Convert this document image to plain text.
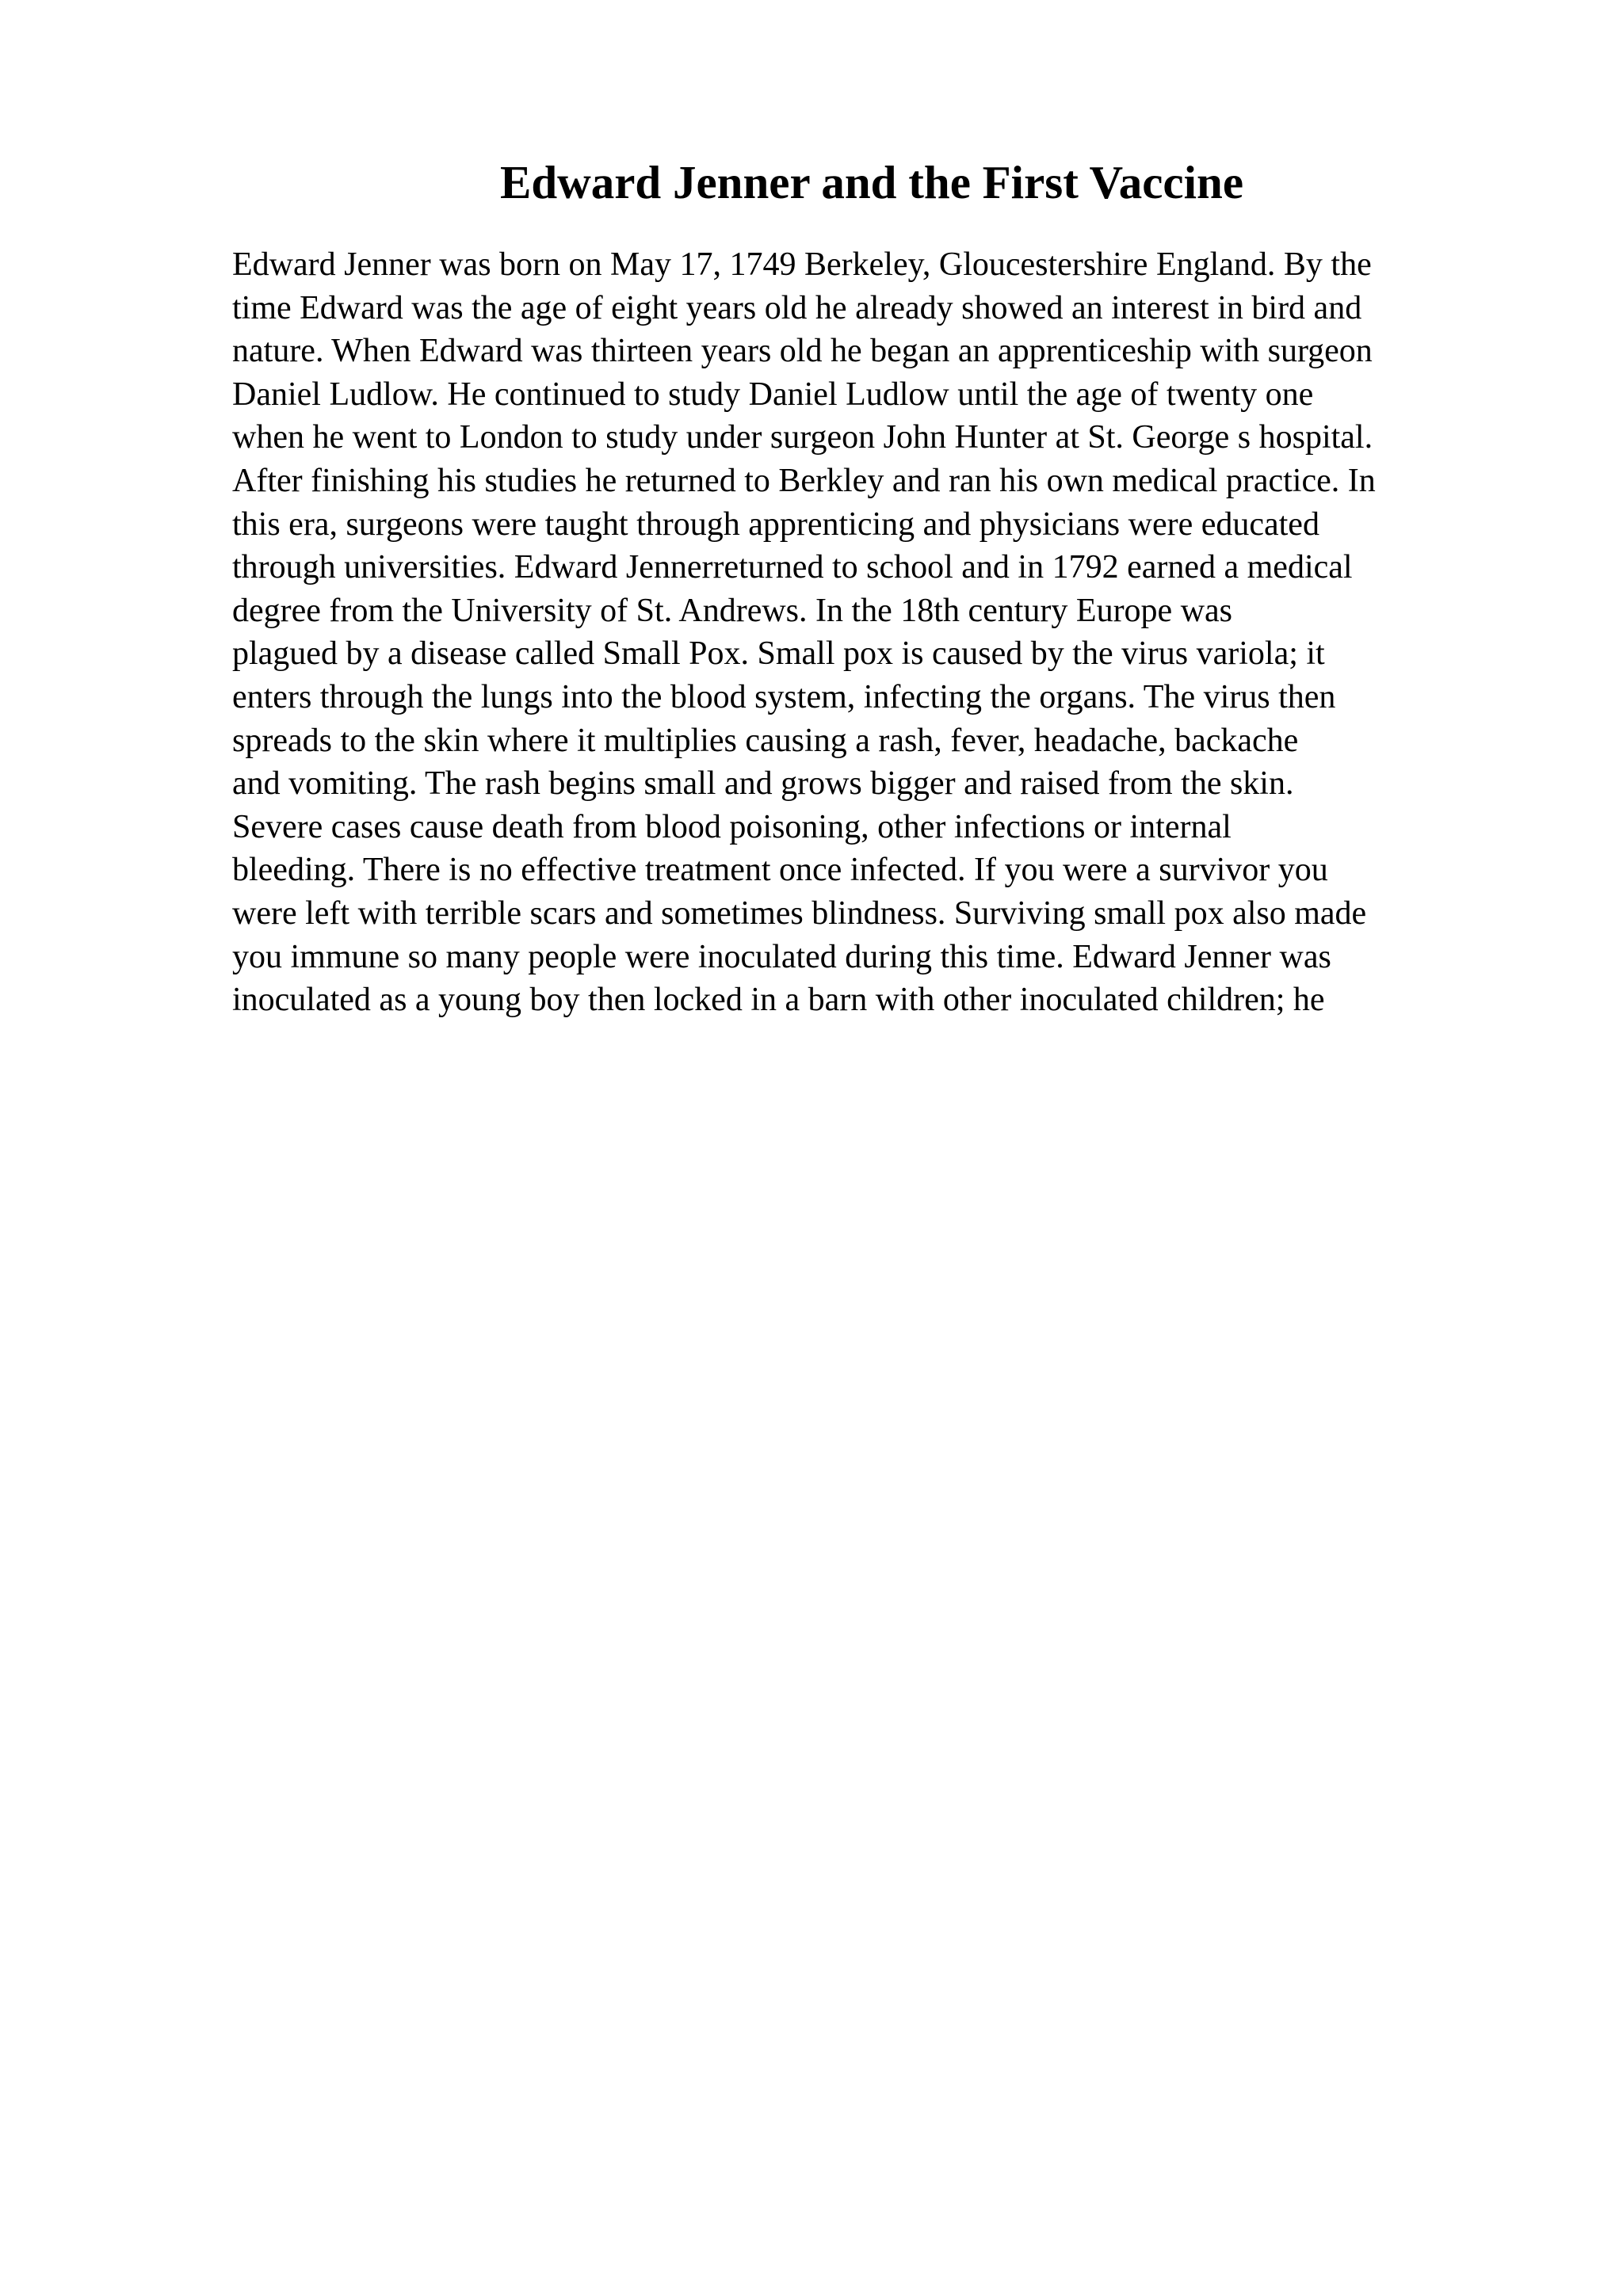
Edward Jenner and the First Vaccine
Edward Jenner was born on May 17, 1749 Berkeley, Gloucestershire England. By the
time Edward was the age of eight years old he already showed an interest in bird and
nature. When Edward was thirteen years old he began an apprenticeship with surgeon
Daniel Ludlow. He continued to study Daniel Ludlow until the age of twenty one
when he went to London to study under surgeon John Hunter at St. George s hospital.
After finishing his studies he returned to Berkley and ran his own medical practice. In
this era, surgeons were taught through apprenticing and physicians were educated
through universities. Edward Jennerreturned to school and in 1792 earned a medical
degree from the University of St. Andrews. In the 18th century Europe was
plagued by a disease called Small Pox. Small pox is caused by the virus variola; it
enters through the lungs into the blood system, infecting the organs. The virus then
spreads to the skin where it multiplies causing a rash, fever, headache, backache
and vomiting. The rash begins small and grows bigger and raised from the skin.
Severe cases cause death from blood poisoning, other infections or internal
bleeding. There is no effective treatment once infected. If you were a survivor you
were left with terrible scars and sometimes blindness. Surviving small pox also made
you immune so many people were inoculated during this time. Edward Jenner was
inoculated as a young boy then locked in a barn with other inoculated children; he
